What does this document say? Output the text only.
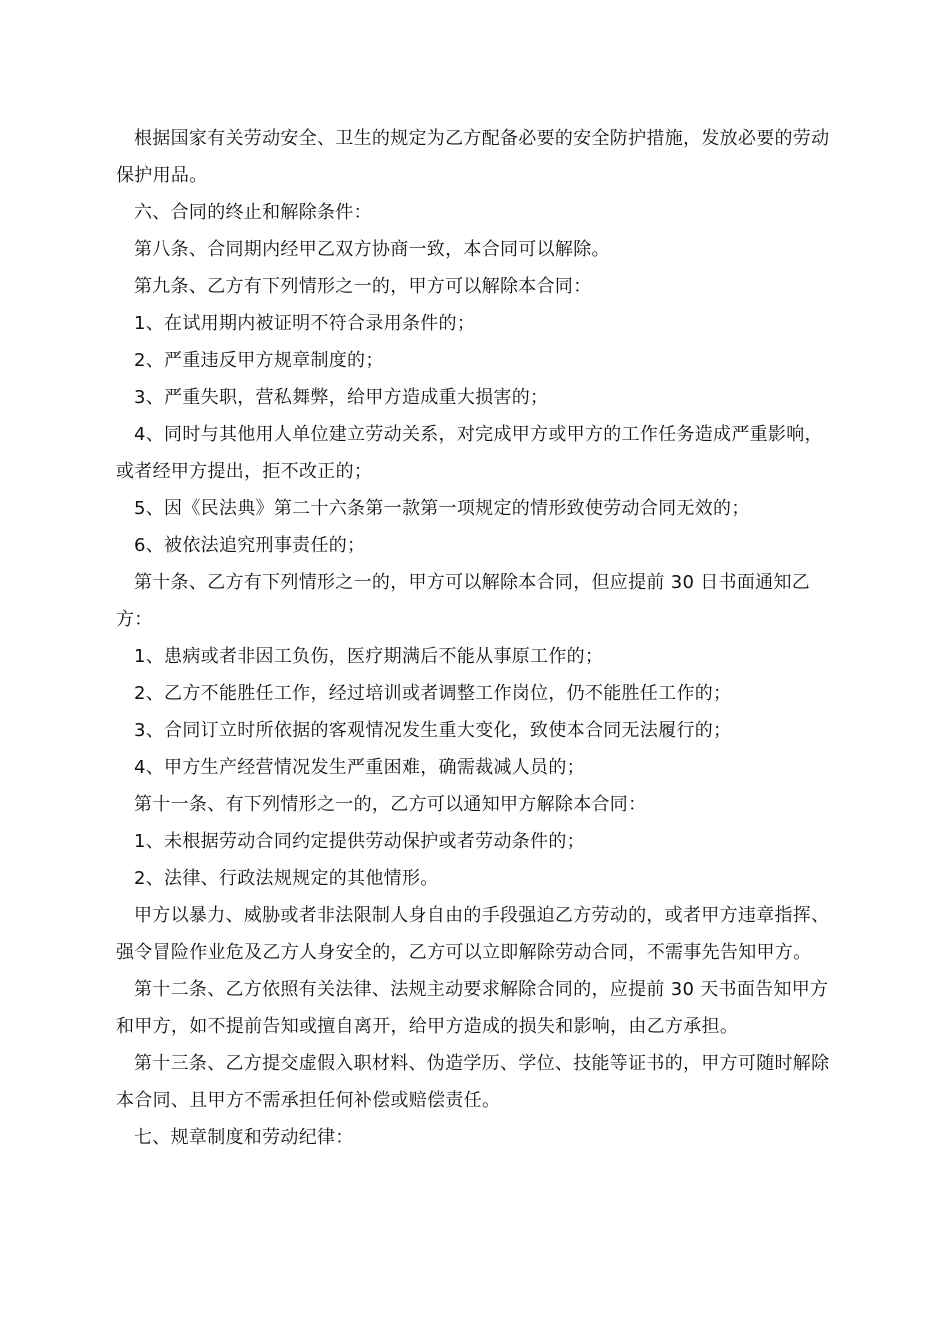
根据国家有关劳动安全、卫生的规定为乙方配备必要的安全防护措施，发放必要的劳动保护用品。

六、合同的终止和解除条件：

第八条、合同期内经甲乙双方协商一致，本合同可以解除。

第九条、乙方有下列情形之一的，甲方可以解除本合同：

1、在试用期内被证明不符合录用条件的；

2、严重违反甲方规章制度的；

3、严重失职，营私舞弊，给甲方造成重大损害的；

4、同时与其他用人单位建立劳动关系，对完成甲方或甲方的工作任务造成严重影响，或者经甲方提出，拒不改正的；

5、因《民法典》第二十六条第一款第一项规定的情形致使劳动合同无效的；

6、被依法追究刑事责任的；

第十条、乙方有下列情形之一的，甲方可以解除本合同，但应提前 30 日书面通知乙方：

1、患病或者非因工负伤，医疗期满后不能从事原工作的；

2、乙方不能胜任工作，经过培训或者调整工作岗位，仍不能胜任工作的；

3、合同订立时所依据的客观情况发生重大变化，致使本合同无法履行的；

4、甲方生产经营情况发生严重困难，确需裁减人员的；

第十一条、有下列情形之一的，乙方可以通知甲方解除本合同：

1、未根据劳动合同约定提供劳动保护或者劳动条件的；

2、法律、行政法规规定的其他情形。

甲方以暴力、威胁或者非法限制人身自由的手段强迫乙方劳动的，或者甲方违章指挥、强令冒险作业危及乙方人身安全的，乙方可以立即解除劳动合同，不需事先告知甲方。

第十二条、乙方依照有关法律、法规主动要求解除合同的，应提前 30 天书面告知甲方和甲方，如不提前告知或擅自离开，给甲方造成的损失和影响，由乙方承担。

第十三条、乙方提交虚假入职材料、伪造学历、学位、技能等证书的，甲方可随时解除本合同、且甲方不需承担任何补偿或赔偿责任。

七、规章制度和劳动纪律：
